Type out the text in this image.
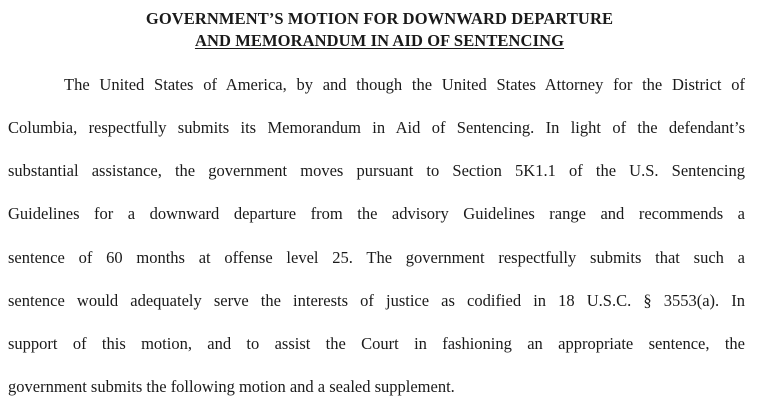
GOVERNMENT’S MOTION FOR DOWNWARD DEPARTURE
AND MEMORANDUM IN AID OF SENTENCING
The United States of America, by and though the United States Attorney for the District of
Columbia, respectfully submits its Memorandum in Aid of Sentencing. In light of the defendant’s
substantial assistance, the government moves pursuant to Section 5K1.1 of the U.S. Sentencing
Guidelines for a downward departure from the advisory Guidelines range and recommends a
sentence of 60 months at offense level 25. The government respectfully submits that such a
sentence would adequately serve the interests of justice as codified in 18 U.S.C. § 3553(a). In
support of this motion, and to assist the Court in fashioning an appropriate sentence, the
government submits the following motion and a sealed supplement.
